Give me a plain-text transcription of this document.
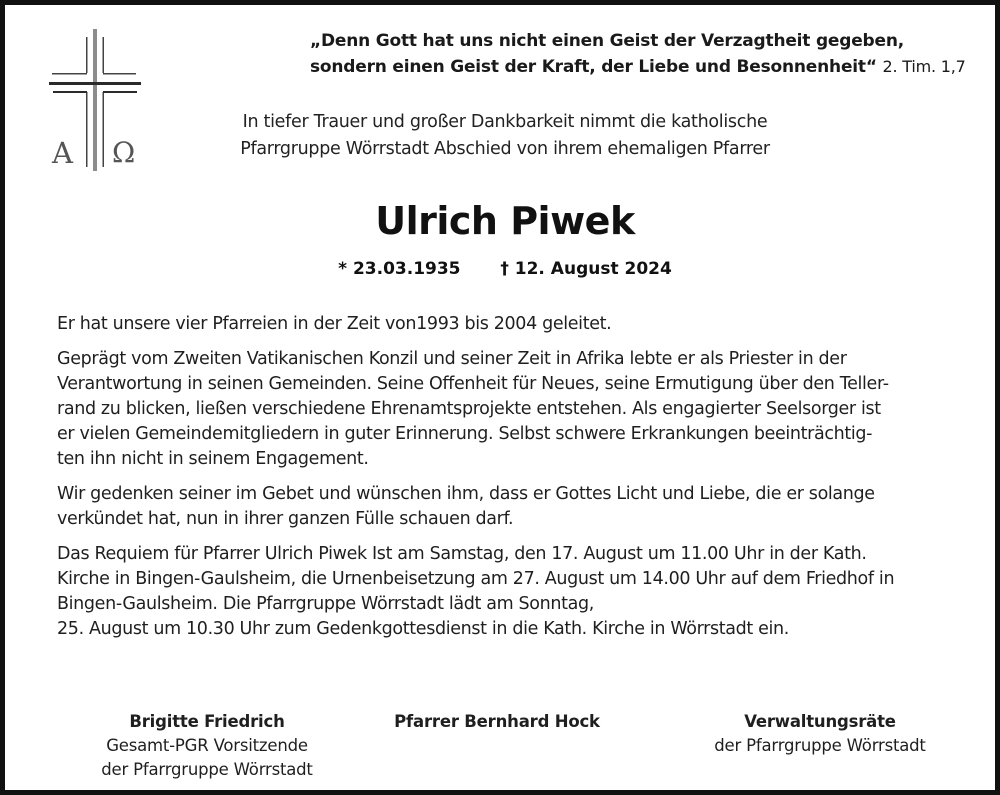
A Ω
„Denn Gott hat uns nicht einen Geist der Verzagtheit gegeben,
sondern einen Geist der Kraft, der Liebe und Besonnenheit“ 2. Tim. 1,7
In tiefer Trauer und großer Dankbarkeit nimmt die katholische
Pfarrgruppe Wörrstadt Abschied von ihrem ehemaligen Pfarrer
Ulrich Piwek
* 23.03.1935 † 12. August 2024

Er hat unsere vier Pfarreien in der Zeit von1993 bis 2004 geleitet.

Geprägt vom Zweiten Vatikanischen Konzil und seiner Zeit in Afrika lebte er als Priester in der
Verantwortung in seinen Gemeinden. Seine Offenheit für Neues, seine Ermutigung über den Teller-
rand zu blicken, ließen verschiedene Ehrenamtsprojekte entstehen. Als engagierter Seelsorger ist
er vielen Gemeindemitgliedern in guter Erinnerung. Selbst schwere Erkrankungen beeinträchtig-
ten ihn nicht in seinem Engagement.

Wir gedenken seiner im Gebet und wünschen ihm, dass er Gottes Licht und Liebe, die er solange
verkündet hat, nun in ihrer ganzen Fülle schauen darf.

Das Requiem für Pfarrer Ulrich Piwek Ist am Samstag, den 17. August um 11.00 Uhr in der Kath.
Kirche in Bingen-Gaulsheim, die Urnenbeisetzung am 27. August um 14.00 Uhr auf dem Friedhof in
Bingen-Gaulsheim. Die Pfarrgruppe Wörrstadt lädt am Sonntag,
25. August um 10.30 Uhr zum Gedenkgottesdienst in die Kath. Kirche in Wörrstadt ein.

Brigitte Friedrich
Gesamt-PGR Vorsitzende
der Pfarrgruppe Wörrstadt
Pfarrer Bernhard Hock	Verwaltungsräte
der Pfarrgruppe Wörrstadt
